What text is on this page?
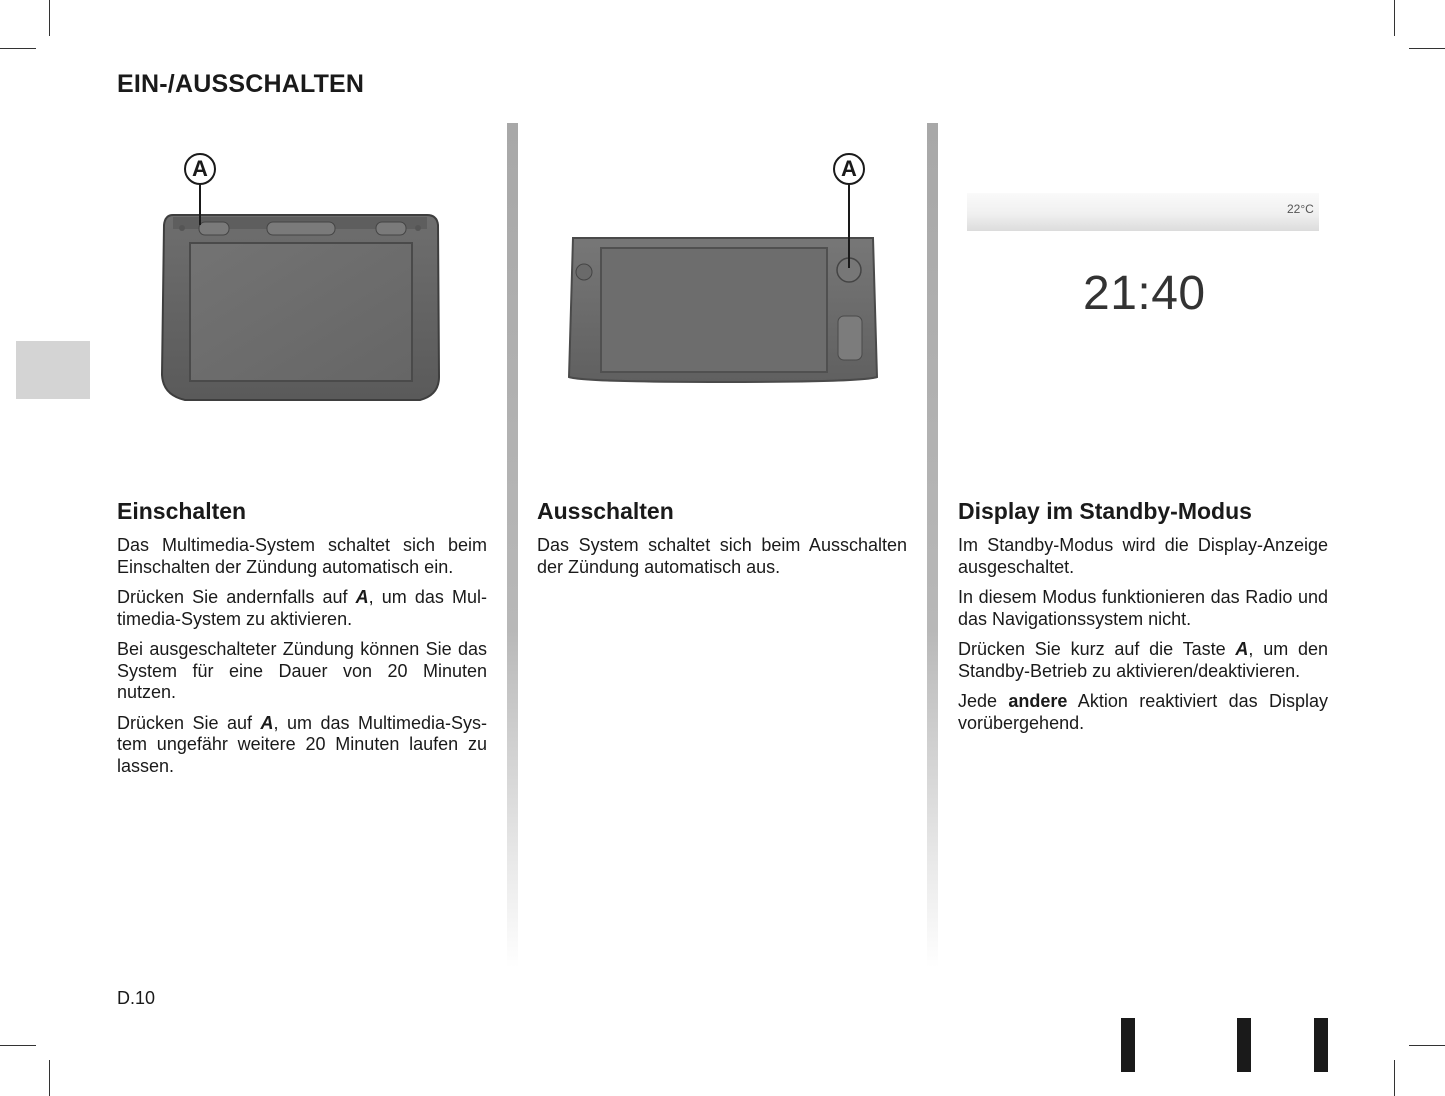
EIN-/AUSSCHALTEN
A	A
22°C
21:40
Einschalten

Das Multimedia-System schaltet sich beim Einschalten der Zündung automatisch ein.

Drücken Sie andernfalls auf A, um das Mul-timedia-System zu aktivieren.

Bei ausgeschalteter Zündung können Sie das System für eine Dauer von 20 Minuten nutzen.

Drücken Sie auf A, um das Multimedia-Sys-tem ungefähr weitere 20 Minuten laufen zu lassen.

Ausschalten

Das System schaltet sich beim Ausschalten der Zündung automatisch aus.

Display im Standby-Modus

Im Standby-Modus wird die Display-Anzeige ausgeschaltet.

In diesem Modus funktionieren das Radio und das Navigationssystem nicht.

Drücken Sie kurz auf die Taste A, um den Standby-Betrieb zu aktivieren/deaktivieren.

Jede andere Aktion reaktiviert das Display vorübergehend.

D.10
